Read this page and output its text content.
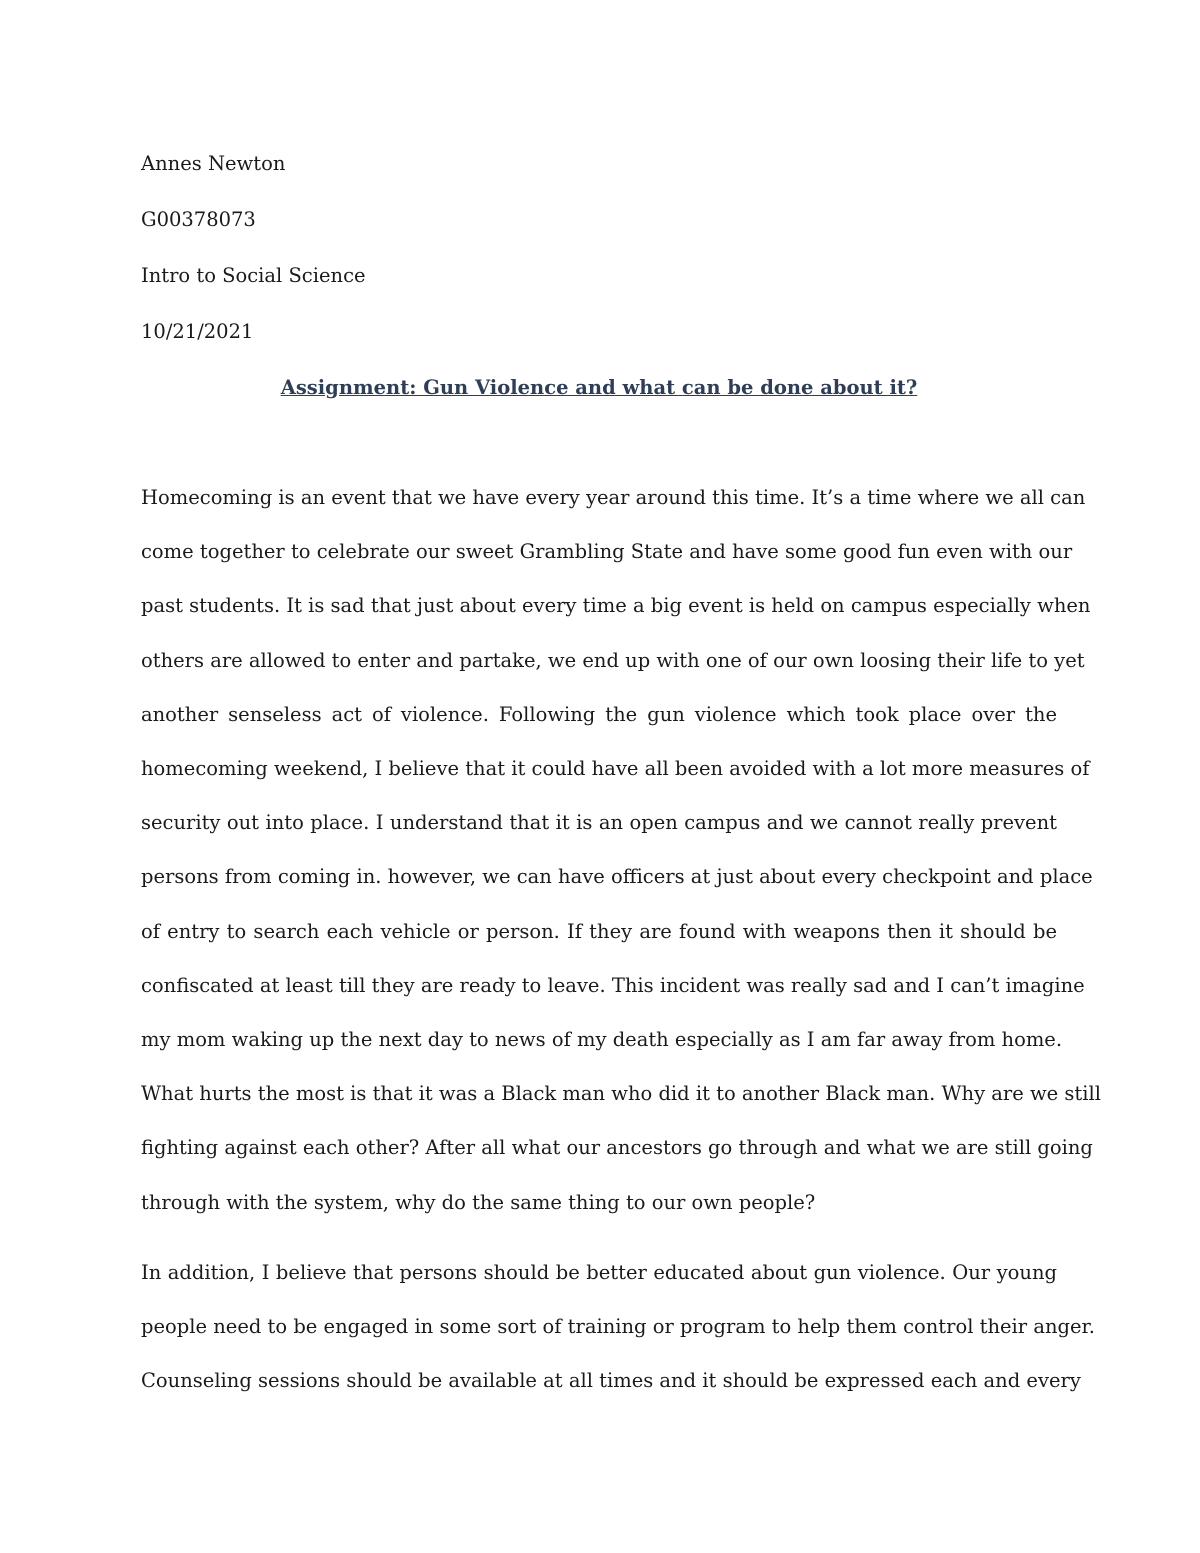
Annes Newton

G00378073

Intro to Social Science

10/21/2021

Assignment: Gun Violence and what can be done about it?

Homecoming is an event that we have every year around this time. It’s a time where we all can
come together to celebrate our sweet Grambling State and have some good fun even with our
past students. It is sad that just about every time a big event is held on campus especially when
others are allowed to enter and partake, we end up with one of our own loosing their life to yet
another senseless act of violence. Following the gun violence which took place over the
homecoming weekend, I believe that it could have all been avoided with a lot more measures of
security out into place. I understand that it is an open campus and we cannot really prevent
persons from coming in. however, we can have officers at just about every checkpoint and place
of entry to search each vehicle or person. If they are found with weapons then it should be
confiscated at least till they are ready to leave. This incident was really sad and I can’t imagine
my mom waking up the next day to news of my death especially as I am far away from home.
What hurts the most is that it was a Black man who did it to another Black man. Why are we still
fighting against each other? After all what our ancestors go through and what we are still going
through with the system, why do the same thing to our own people?
In addition, I believe that persons should be better educated about gun violence. Our young
people need to be engaged in some sort of training or program to help them control their anger.
Counseling sessions should be available at all times and it should be expressed each and every
